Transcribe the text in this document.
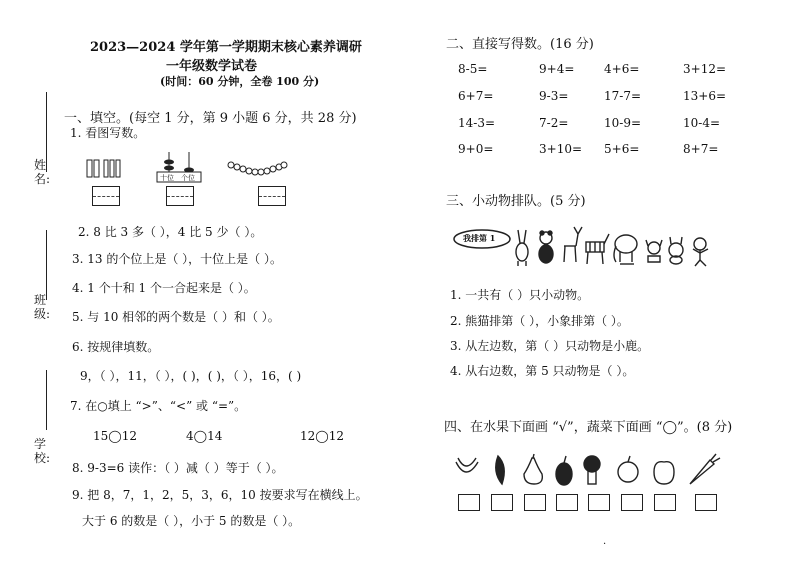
姓名:
班级:
学校:
2023—2024 学年第一学期期末核心素养调研
一年级数学试卷
(时间：60 分钟，全卷 100 分)
一、填空。(每空 1 分，第 9 小题 6 分，共 28 分)
1. 看图写数。
十位 个位
2. 8 比 3 多（ ），4 比 5 少（ ）。
3. 13 的个位上是（ ），十位上是（ ）。
4. 1 个十和 1 个一合起来是（ ）。
5. 与 10 相邻的两个数是（ ）和（ ）。
6. 按规律填数。
9，（ ），11，（ ），( )，( )，（ ），16，( )
7. 在○填上 “>”、“<” 或 “=”。
15◯12	4◯14	12◯12
8. 9-3=6 读作：（ ）减（ ）等于（ ）。
9. 把 8，7，1，2，5，3，6，10 按要求写在横线上。
大于 6 的数是（ ），小于 5 的数是（ ）。
二、直接写得数。(16 分)
8-5=	9+4= 4+6=	3+12=
6+7=	9-3=	17-7=	13+6=
14-3=	7-2=	10-9=	10-4=
9+0=	3+10= 5+6=	8+7=
三、小动物排队。(5 分)
我排第 1
1. 一共有（ ）只小动物。
2. 熊猫排第（ ），小象排第（ ）。
3. 从左边数，第（ ）只动物是小鹿。
4. 从右边数，第 5 只动物是（ ）。
四、在水果下面画 “√”，蔬菜下面画 “◯”。(8 分)
.
